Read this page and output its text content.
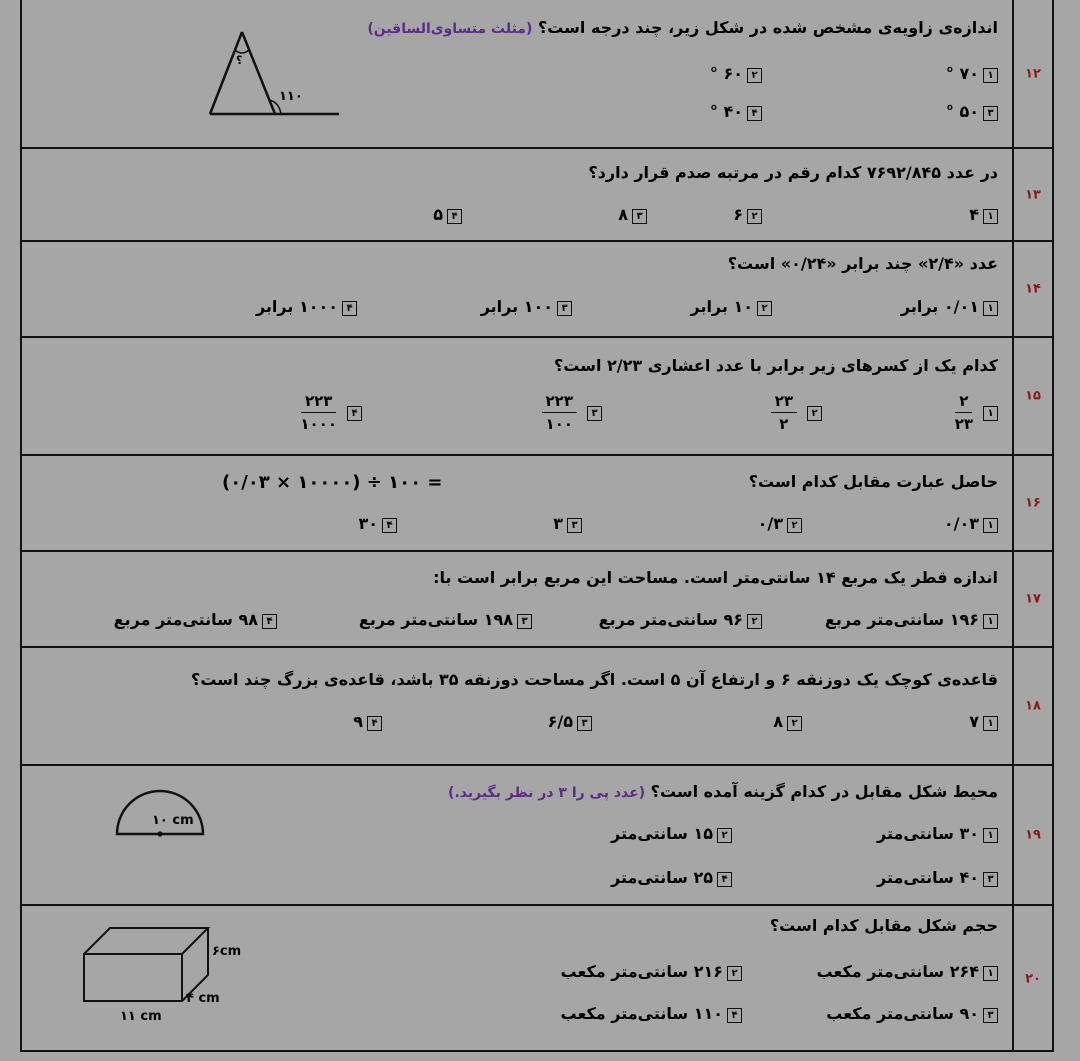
۱۲
اندازه‌ی زاویه‌ی مشخص شده در شکل زیر، چند درجه است؟ (مثلث متساوی‌الساقین)
۱۷۰ °
۲۶۰ °
۳۵۰ °
۴۴۰ °
؟
۱۱۰
۱۳
در عدد ۷۶۹۲/۸۴۵ کدام رقم در مرتبه صدم قرار دارد؟
۱۴
۲۶
۳۸
۴۵
۱۴
عدد «۲/۴» چند برابر «۰/۲۴» است؟
۱۰/۰۱ برابر
۲۱۰ برابر
۳۱۰۰ برابر
۴۱۰۰۰ برابر
۱۵
کدام یک از کسرهای زیر برابر با عدد اعشاری ۲/۲۳ است؟
۱
$\frac{۲}{۲۳}$
۲
$\frac{۲۳}{۲}$
۳
$\frac{۲۲۳}{۱۰۰}$
۴
$\frac{۲۲۳}{۱۰۰۰}$
۱۶
حاصل عبارت مقابل کدام است؟
(۰/۰۳ × ۱۰۰۰۰) ÷ ۱۰۰ =
۱۰/۰۳
۲۰/۳
۳۳
۴۳۰
۱۷
اندازه قطر یک مربع ۱۴ سانتی‌متر است. مساحت این مربع برابر است با:
۱۱۹۶ سانتی‌متر مربع
۲۹۶ سانتی‌متر مربع
۳۱۹۸ سانتی‌متر مربع
۴۹۸ سانتی‌متر مربع
۱۸
قاعده‌ی کوچک یک ذوزنقه ۶ و ارتفاع آن ۵ است. اگر مساحت ذوزنقه ۳۵ باشد، قاعده‌ی بزرگ چند است؟
۱۷
۲۸
۳۶/۵
۴۹
۱۹
محیط شکل مقابل در کدام گزینه آمده است؟ (عدد پی را ۳ در نظر بگیرید.)
۱۳۰ سانتی‌متر
۲۱۵ سانتی‌متر
۳۴۰ سانتی‌متر
۴۲۵ سانتی‌متر
۱۰ cm
۲۰
حجم شکل مقابل کدام است؟
۱۲۶۴ سانتی‌متر مکعب
۲۲۱۶ سانتی‌متر مکعب
۳۹۰ سانتی‌متر مکعب
۴۱۱۰ سانتی‌متر مکعب
۶cm
۴ cm
۱۱ cm
